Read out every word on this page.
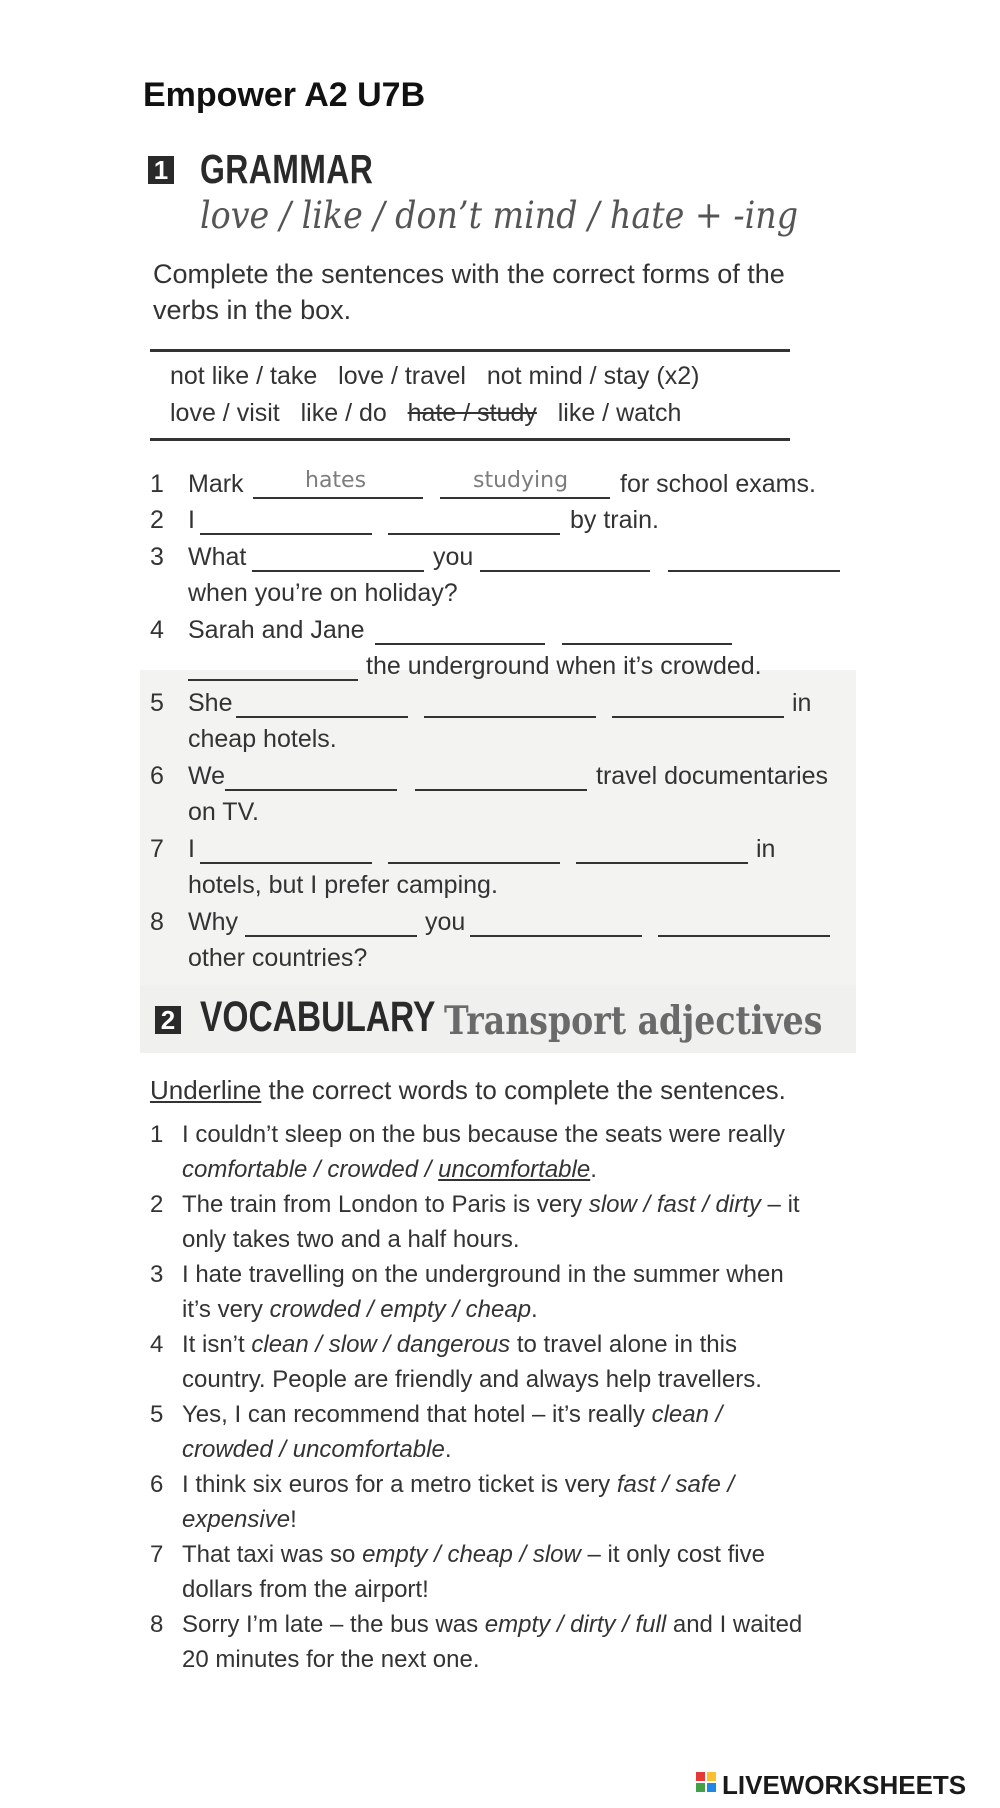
Empower A2 U7B
1 GRAMMAR
love / like / don’t mind / hate + -ing
Complete the sentences with the correct forms of the
verbs in the box.
not like / take love / travel not mind / stay (x2)
love / visit like / do hate / study like / watch
1 Mark	hates	studying for school exams.
2 I	by train.
3 What	you
when you’re on holiday?
4 Sarah and Jane
the underground when it’s crowded.
5 She	in
cheap hotels.
6 We	travel documentaries
on TV.
7 I	in
hotels, but I prefer camping.
8 Why	you
other countries?
2 VOCABULARY Transport adjectives
Underline the correct words to complete the sentences.
1 I couldn’t sleep on the bus because the seats were really
comfortable / crowded / uncomfortable.
2 The train from London to Paris is very slow / fast / dirty – it
only takes two and a half hours.
3 I hate travelling on the underground in the summer when
it’s very crowded / empty / cheap.
4 It isn’t clean / slow / dangerous to travel alone in this
country. People are friendly and always help travellers.
5 Yes, I can recommend that hotel – it’s really clean /
crowded / uncomfortable.
6 I think six euros for a metro ticket is very fast / safe /
expensive!
7 That taxi was so empty / cheap / slow – it only cost five
dollars from the airport!
8 Sorry I’m late – the bus was empty / dirty / full and I waited
20 minutes for the next one.
LIVEWORKSHEETS
